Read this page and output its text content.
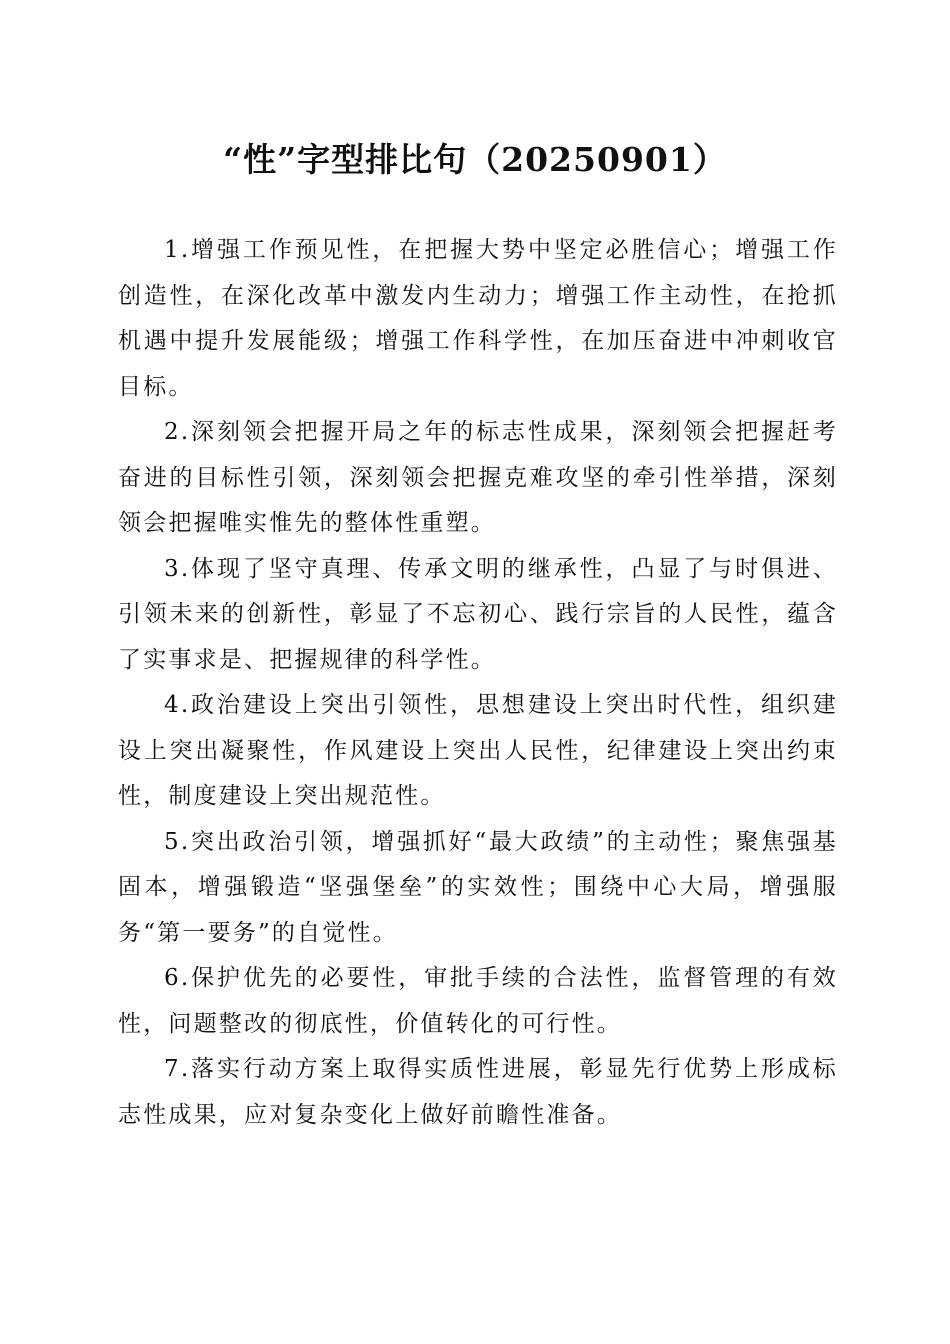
“性”字型排比句（20250901）

1.增强工作预见性，在把握大势中坚定必胜信心；增强工作创造性，在深化改革中激发内生动力；增强工作主动性，在抢抓机遇中提升发展能级；增强工作科学性，在加压奋进中冲刺收官目标。

2.深刻领会把握开局之年的标志性成果，深刻领会把握赶考奋进的目标性引领，深刻领会把握克难攻坚的牵引性举措，深刻领会把握唯实惟先的整体性重塑。

3.体现了坚守真理、传承文明的继承性，凸显了与时俱进、引领未来的创新性，彰显了不忘初心、践行宗旨的人民性，蕴含了实事求是、把握规律的科学性。

4.政治建设上突出引领性，思想建设上突出时代性，组织建设上突出凝聚性，作风建设上突出人民性，纪律建设上突出约束性，制度建设上突出规范性。

5.突出政治引领，增强抓好“最大政绩”的主动性；聚焦强基固本，增强锻造“坚强堡垒”的实效性；围绕中心大局，增强服务“第一要务”的自觉性。

6.保护优先的必要性，审批手续的合法性，监督管理的有效性，问题整改的彻底性，价值转化的可行性。

7.落实行动方案上取得实质性进展，彰显先行优势上形成标志性成果，应对复杂变化上做好前瞻性准备。
